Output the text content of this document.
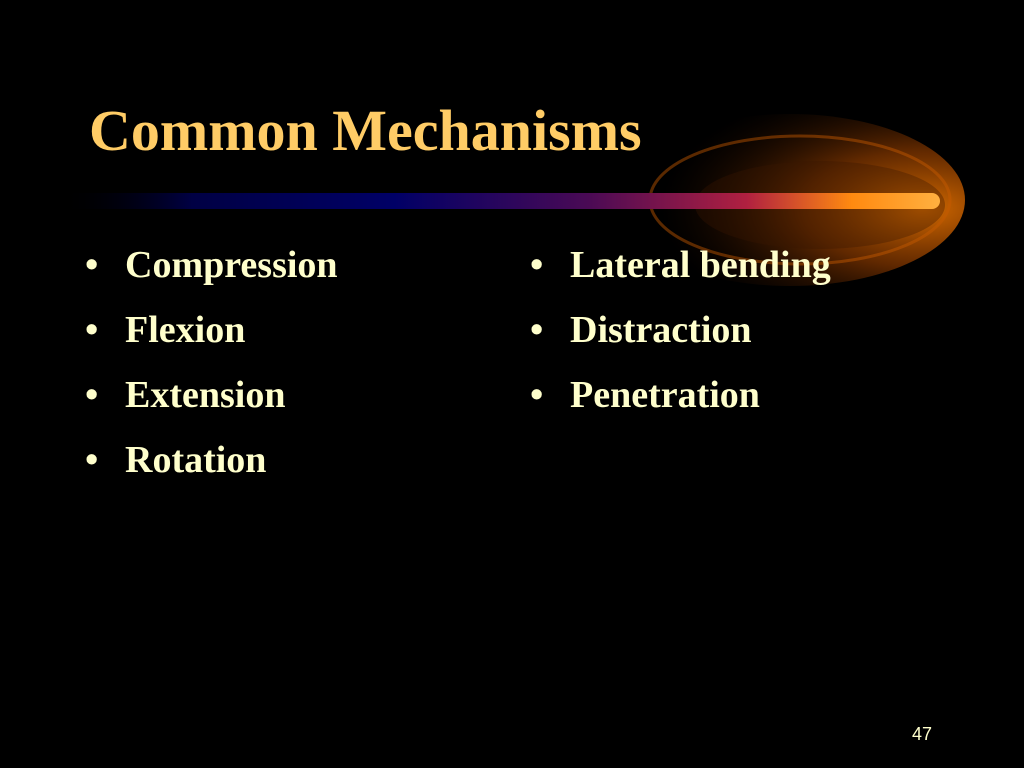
Common Mechanisms
• Compression
• Flexion
• Extension
• Rotation
• Lateral bending
• Distraction
• Penetration
47
